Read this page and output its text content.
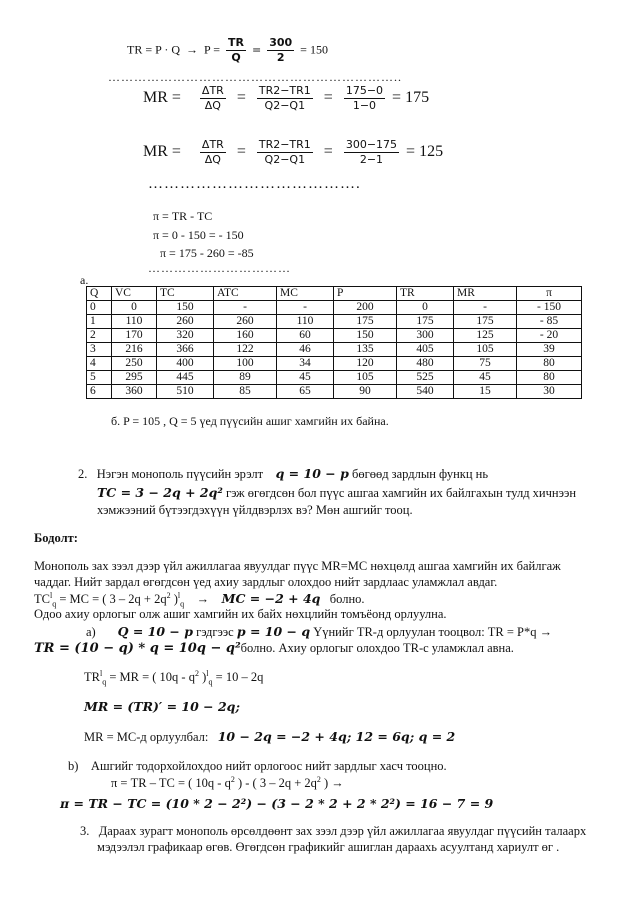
TR = $P \cdot Q \to P = \frac{TR}{Q} = \frac{300}{2} = 150$
…………………………………………………………..
MR = $\frac{\text{ΔTR}}{\Delta Q} = \frac{TR2-TR1}{Q2-Q1} = \frac{175-0}{1-0} = 175$
MR = $\frac{\text{ΔTR}}{\Delta Q} = \frac{TR2-TR1}{Q2-Q1} = \frac{300-175}{2-1} = 125$
………………………………….
π = TR - TC
π = 0 - 150 = - 150
π = 175 - 260 = -85
……………………………
a.
Q	VC	TC	ATC	MC	P	TR	MR	π
0	0	150	-	-	200	0	-	- 150
1	110	260	260	110	175	175	175	- 85
2	170	320	160	60	150	300	125	- 20
3	216	366	122	46	135	405	105	39
4	250	400	100	34	120	480	75	80
5	295	445	89	45	105	525	45	80
6	360	510	85	65	90	540	15	30
б. P = 105 , Q = 5 үед пүүсийн ашиг хамгийн их байна.
2. Нэгэн монополь пүүсийн эрэлт q = 10 − p бөгөөд зардлын функц нь
TC = 3 − 2q + 2q² гэж өгөгдсөн бол пүүс ашгаа хамгийн их байлгахын тулд хичнээн
хэмжээний бүтээгдэхүүн үйлдвэрлэх вэ? Мөн ашгийг тооц.
Бодолт:
Монополь зах зээл дээр үйл ажиллагаа явуулдаг пүүс MR=MC нөхцөлд ашгаа хамгийн их байлгаж
чаддаг. Нийт зардал өгөгдсөн үед ахиу зардлыг олохдоо нийт зардлаас уламжлал авдаг.
$TC^l_q$ = MC = ( $3 - 2q + 2q^2$ )$^l_q$ → MC = −2 + 4q болно.
Одоо ахиу орлогыг олж ашиг хамгийн их байх нөхцлийн томъёонд орлуулна.
а) Q = 10 − p гэдгээс p = 10 − q Үүнийг TR-д орлуулан тооцвол: TR = P*q →
TR = (10 − q) * q = 10q − q²болно. Ахиу орлогыг олохдоо TR-с уламжлал авна.
$TR^l_q$ = MR = ( $10q - q^2$ )$^l_q$ = 10 – 2q
MR = (TR)′ = 10 − 2q;
MR = MC-д орлуулбал: 10 − 2q = −2 + 4q; 12 = 6q; q = 2
b) Ашгийг тодорхойлохдоо нийт орлогоос нийт зардлыг хасч тооцно.
π = TR – TC = ( $10q - q^2$ ) - ( $3 - 2q + 2q^2$ ) →
π = TR − TC = (10 * 2 − 2²) − (3 − 2 * 2 + 2 * 2²) = 16 − 7 = 9
3. Дараах зурагт монополь өрсөлдөөнт зах зээл дээр үйл ажиллагаа явуулдаг пүүсийн талаарх
мэдээлэл графикаар өгөв. Өгөгдсөн графикийг ашиглан дараахь асуултанд хариулт өг .
